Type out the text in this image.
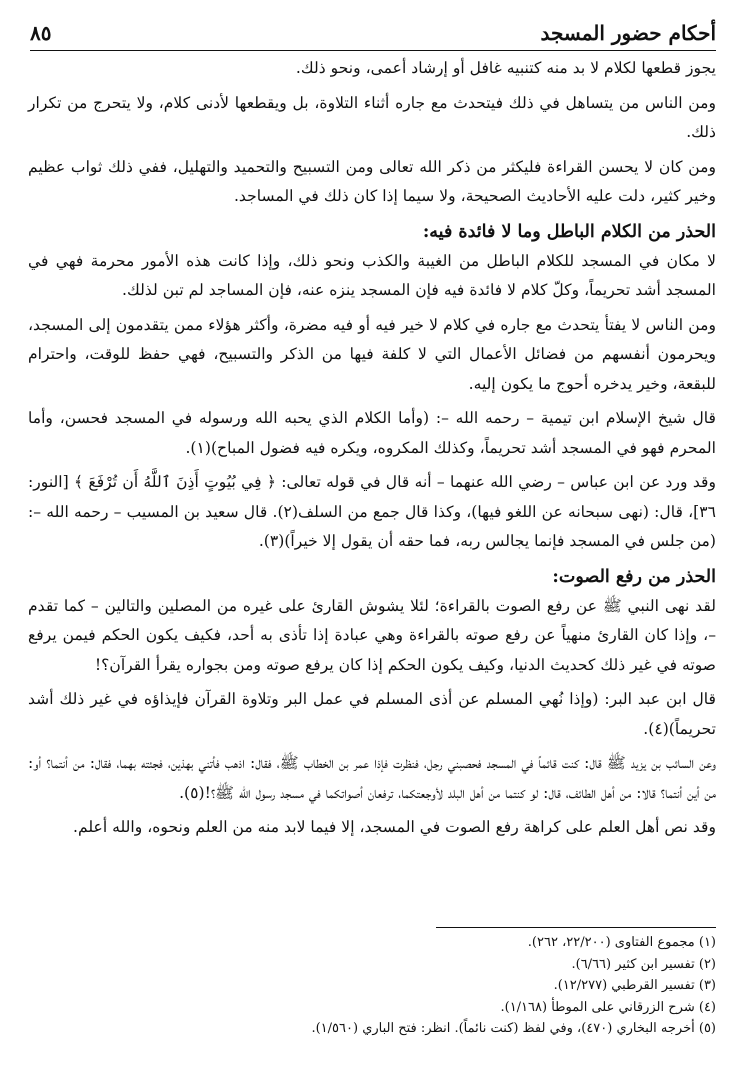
أحكام حضور المسجد
٨٥

يجوز قطعها لكلام لا بد منه كتنبيه غافل أو إرشاد أعمى، ونحو ذلك.

ومن الناس من يتساهل في ذلك فيتحدث مع جاره أثناء التلاوة، بل ويقطعها لأدنى كلام، ولا يتحرج من تكرار ذلك.

ومن كان لا يحسن القراءة فليكثر من ذكر الله تعالى ومن التسبيح والتحميد والتهليل، ففي ذلك ثواب عظيم وخير كثير، دلت عليه الأحاديث الصحيحة، ولا سيما إذا كان ذلك في المساجد.

الحذر من الكلام الباطل وما لا فائدة فيه:

لا مكان في المسجد للكلام الباطل من الغيبة والكذب ونحو ذلك، وإذا كانت هذه الأمور محرمة فهي في المسجد أشد تحريماً، وكلّ كلام لا فائدة فيه فإن المسجد ينزه عنه، فإن المساجد لم تبن لذلك.

ومن الناس لا يفتأ يتحدث مع جاره في كلام لا خير فيه أو فيه مضرة، وأكثر هؤلاء ممن يتقدمون إلى المسجد، ويحرمون أنفسهم من فضائل الأعمال التي لا كلفة فيها من الذكر والتسبيح، فهي حفظ للوقت، واحترام للبقعة، وخير يدخره أحوج ما يكون إليه.

قال شيخ الإسلام ابن تيمية – رحمه الله –: (وأما الكلام الذي يحبه الله ورسوله في المسجد فحسن، وأما المحرم فهو في المسجد أشد تحريماً، وكذلك المكروه، ويكره فيه فضول المباح)(١).

وقد ورد عن ابن عباس – رضي الله عنهما – أنه قال في قوله تعالى: ﴿ فِي بُيُوتٍ أَذِنَ ٱللَّهُ أَن تُرْفَعَ ﴾ [النور: ٣٦]، قال: (نهى سبحانه عن اللغو فيها)، وكذا قال جمع من السلف(٢). قال سعيد بن المسيب – رحمه الله –: (من جلس في المسجد فإنما يجالس ربه، فما حقه أن يقول إلا خيراً)(٣).

الحذر من رفع الصوت:

لقد نهى النبي ﷺ عن رفع الصوت بالقراءة؛ لئلا يشوش القارئ على غيره من المصلين والتالين – كما تقدم –، وإذا كان القارئ منهياً عن رفع صوته بالقراءة وهي عبادة إذا تأذى به أحد، فكيف يكون الحكم فيمن يرفع صوته في غير ذلك كحديث الدنيا، وكيف يكون الحكم إذا كان يرفع صوته ومن بجواره يقرأ القرآن؟!

قال ابن عبد البر: (وإذا نُهي المسلم عن أذى المسلم في عمل البر وتلاوة القرآن فإيذاؤه في غير ذلك أشد تحريماً)(٤).

وعن السائب بن يزيد ﷺ قال: كنت قائماً في المسجد فحصبني رجل، فنظرت فإذا عمر بن الخطاب ﷺ، فقال: اذهب فأتني بهذين، فجئته بهما، فقال: من أنتما؟ أو: من أين أنتما؟ قالا: من أهل الطائف، قال: لو كنتما من أهل البلد لأوجعتكما، ترفعان أصواتكما في مسجد رسول الله ﷺ؟!(٥).

وقد نص أهل العلم على كراهة رفع الصوت في المسجد، إلا فيما لابد منه من العلم ونحوه، والله أعلم.

(١) مجموع الفتاوى (٢٢/٢٠٠، ٢٦٢).
(٢) تفسير ابن كثير (٦/٦٦).
(٣) تفسير القرطبي (١٢/٢٧٧).
(٤) شرح الزرقاني على الموطأ (١/١٦٨).
(٥) أخرجه البخاري (٤٧٠)، وفي لفظ (كنت نائماً). انظر: فتح الباري (١/٥٦٠).
